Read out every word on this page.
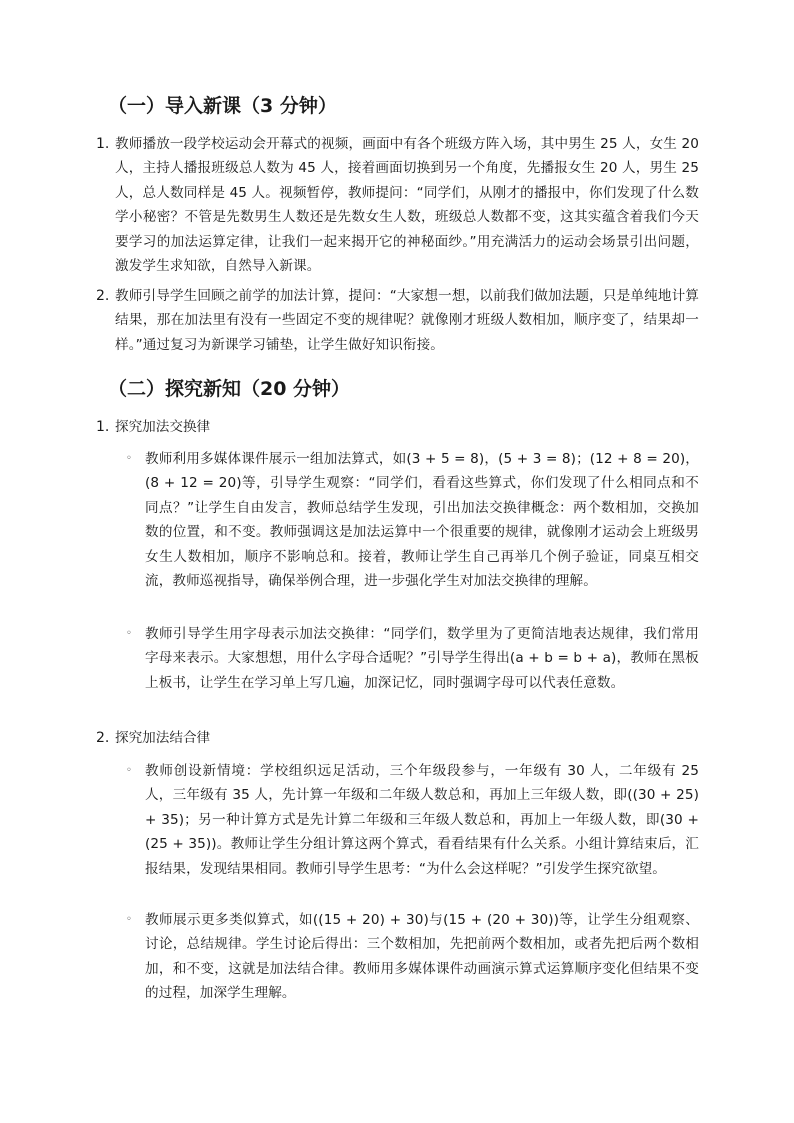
（一）导入新课（3 分钟）
1. 教师播放一段学校运动会开幕式的视频，画面中有各个班级方阵入场，其中男生 25 人，女生 20 人，主持人播报班级总人数为 45 人，接着画面切换到另一个角度，先播报女生 20 人，男生 25 人，总人数同样是 45 人。视频暂停，教师提问：“同学们，从刚才的播报中，你们发现了什么数学小秘密？不管是先数男生人数还是先数女生人数，班级总人数都不变，这其实蕴含着我们今天要学习的加法运算定律，让我们一起来揭开它的神秘面纱。”用充满活力的运动会场景引出问题，激发学生求知欲，自然导入新课。

2. 教师引导学生回顾之前学的加法计算，提问：“大家想一想，以前我们做加法题，只是单纯地计算结果，那在加法里有没有一些固定不变的规律呢？就像刚才班级人数相加，顺序变了，结果却一样。”通过复习为新课学习铺垫，让学生做好知识衔接。

（二）探究新知（20 分钟）
1. 探究加法交换律
◦ 教师利用多媒体课件展示一组加法算式，如(3 + 5 = 8)，(5 + 3 = 8)；(12 + 8 = 20)，(8 + 12 = 20)等，引导学生观察：“同学们，看看这些算式，你们发现了什么相同点和不同点？”让学生自由发言，教师总结学生发现，引出加法交换律概念：两个数相加，交换加数的位置，和不变。教师强调这是加法运算中一个很重要的规律，就像刚才运动会上班级男女生人数相加，顺序不影响总和。接着，教师让学生自己再举几个例子验证，同桌互相交流，教师巡视指导，确保举例合理，进一步强化学生对加法交换律的理解。

◦ 教师引导学生用字母表示加法交换律：“同学们，数学里为了更简洁地表达规律，我们常用字母来表示。大家想想，用什么字母合适呢？”引导学生得出(a + b = b + a)，教师在黑板上板书，让学生在学习单上写几遍，加深记忆，同时强调字母可以代表任意数。

2. 探究加法结合律
◦ 教师创设新情境：学校组织远足活动，三个年级段参与，一年级有 30 人，二年级有 25 人，三年级有 35 人，先计算一年级和二年级人数总和，再加上三年级人数，即((30 + 25) + 35)；另一种计算方式是先计算二年级和三年级人数总和，再加上一年级人数，即(30 + (25 + 35))。教师让学生分组计算这两个算式，看看结果有什么关系。小组计算结束后，汇报结果，发现结果相同。教师引导学生思考：“为什么会这样呢？”引发学生探究欲望。

◦ 教师展示更多类似算式，如((15 + 20) + 30)与(15 + (20 + 30))等，让学生分组观察、讨论，总结规律。学生讨论后得出：三个数相加，先把前两个数相加，或者先把后两个数相加，和不变，这就是加法结合律。教师用多媒体课件动画演示算式运算顺序变化但结果不变的过程，加深学生理解。
